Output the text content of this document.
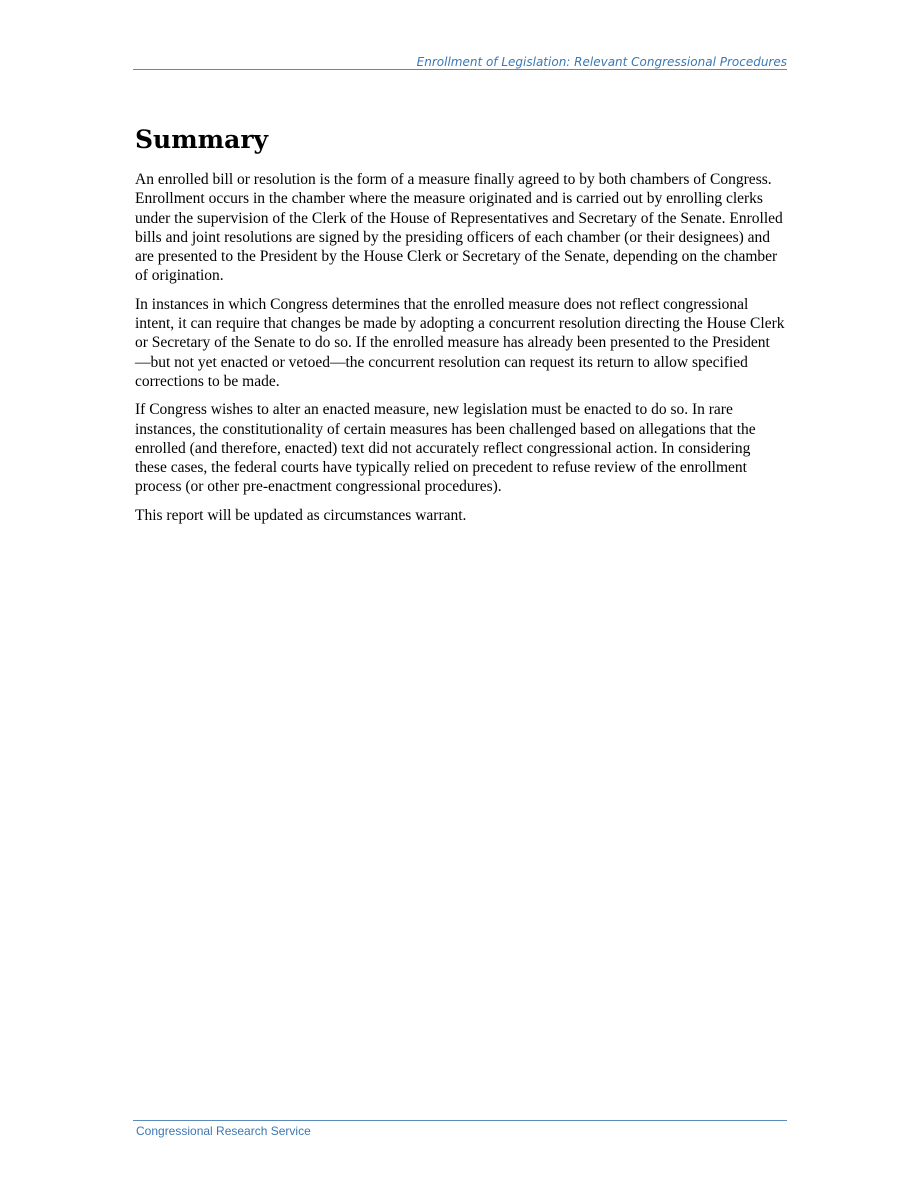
Enrollment of Legislation: Relevant Congressional Procedures
Summary

An enrolled bill or resolution is the form of a measure finally agreed to by both chambers of Congress. Enrollment occurs in the chamber where the measure originated and is carried out by enrolling clerks under the supervision of the Clerk of the House of Representatives and Secretary of the Senate. Enrolled bills and joint resolutions are signed by the presiding officers of each chamber (or their designees) and are presented to the President by the House Clerk or Secretary of the Senate, depending on the chamber of origination.

In instances in which Congress determines that the enrolled measure does not reflect congressional intent, it can require that changes be made by adopting a concurrent resolution directing the House Clerk or Secretary of the Senate to do so. If the enrolled measure has already been presented to the President—but not yet enacted or vetoed—the concurrent resolution can request its return to allow specified corrections to be made.

If Congress wishes to alter an enacted measure, new legislation must be enacted to do so. In rare instances, the constitutionality of certain measures has been challenged based on allegations that the enrolled (and therefore, enacted) text did not accurately reflect congressional action. In considering these cases, the federal courts have typically relied on precedent to refuse review of the enrollment process (or other pre-enactment congressional procedures).

This report will be updated as circumstances warrant.

Congressional Research Service
